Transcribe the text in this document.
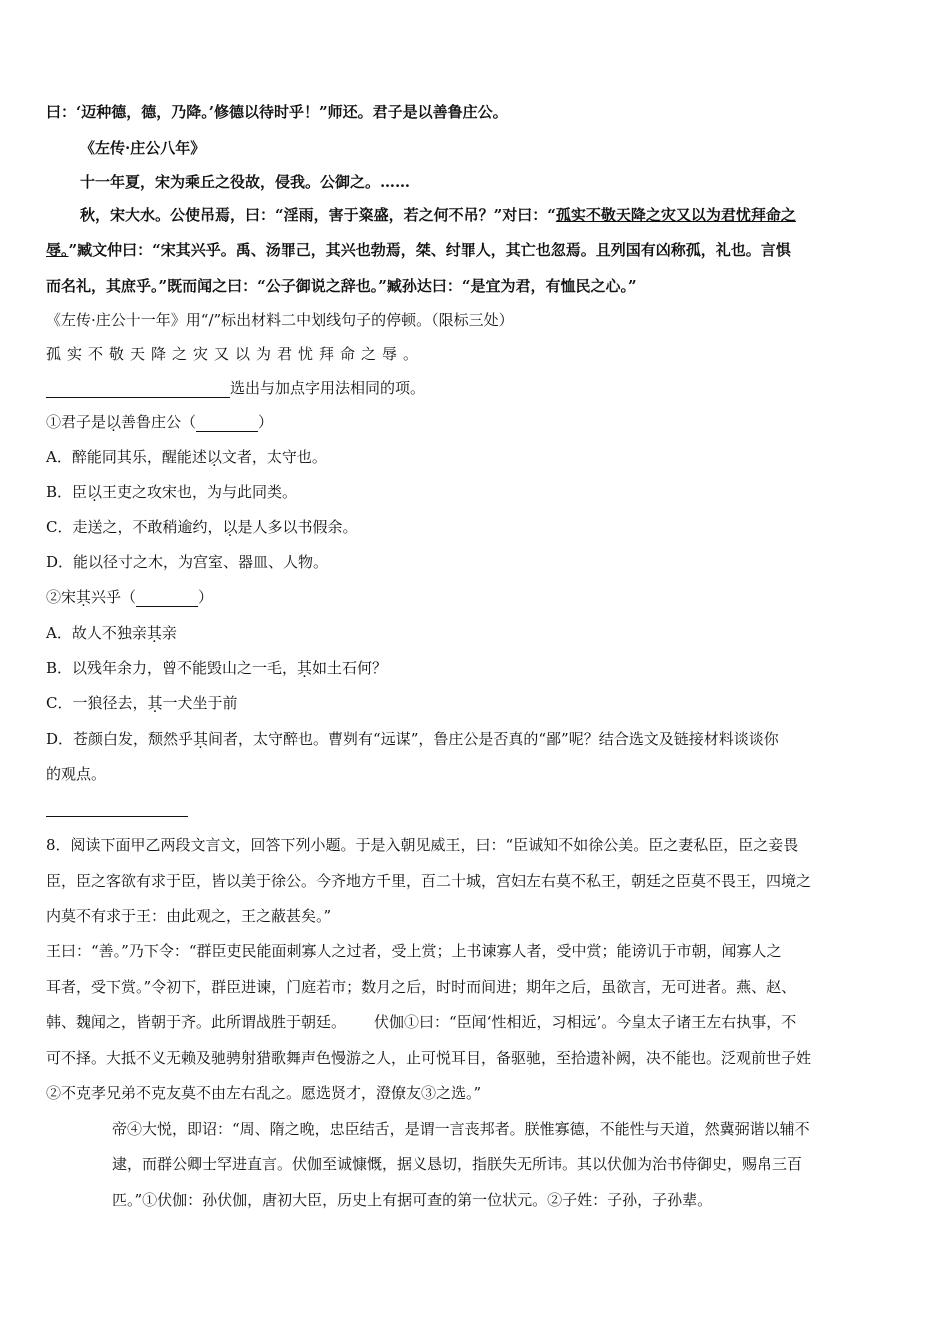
曰：‘迈种德，德，乃降。’修德以待时乎！”师还。君子是以善鲁庄公。
《左传·庄公八年》
十一年夏，宋为乘丘之役故，侵我。公御之。……
秋，宋大水。公使吊焉，曰：“淫雨，害于粢盛，若之何不吊？”对曰：“孤实不敬天降之灾又以为君忧拜命之
辱。”臧文仲曰：“宋其兴乎。禹、汤罪己，其兴也勃焉，桀、纣罪人，其亡也忽焉。且列国有凶称孤，礼也。言惧
而名礼，其庶乎。”既而闻之曰：“公子御说之辞也。”臧孙达曰：“是宜为君，有恤民之心。”
《左传·庄公十一年》用“/”标出材料二中划线句子的停顿。（限标三处）
孤实不敬天降之灾又以为君忧拜命之辱。
选出与加点字用法相同的项。
①君子是以善鲁庄公（	）
A．醉能同其乐，醒能述以文者，太守也。
B．臣以王吏之攻宋也，为与此同类。
C．走送之，不敢稍逾约，以是人多以书假余。
D．能以径寸之木，为宫室、器皿、人物。
②宋其兴乎（	）
A．故人不独亲其亲
B．以残年余力，曾不能毁山之一毛，其如土石何？
C．一狼径去，其一犬坐于前
D．苍颜白发，颓然乎其间者，太守醉也。曹刿有“远谋”，鲁庄公是否真的“鄙”呢？结合选文及链接材料谈谈你
的观点。
8．阅读下面甲乙两段文言文，回答下列小题。于是入朝见威王，曰：“臣诚知不如徐公美。臣之妻私臣，臣之妾畏
臣，臣之客欲有求于臣，皆以美于徐公。今齐地方千里，百二十城，宫妇左右莫不私王，朝廷之臣莫不畏王，四境之
内莫不有求于王：由此观之，王之蔽甚矣。”
王曰：“善。”乃下令：“群臣吏民能面刺寡人之过者，受上赏；上书谏寡人者，受中赏；能谤讥于市朝，闻寡人之
耳者，受下赏。”令初下，群臣进谏，门庭若市；数月之后，时时而间进；期年之后，虽欲言，无可进者。燕、赵、
韩、魏闻之，皆朝于齐。此所谓战胜于朝廷。 伏伽①曰：“臣闻‘性相近，习相远’。今皇太子诸王左右执事，不
可不择。大抵不义无赖及驰骋射猎歌舞声色慢游之人，止可悦耳目，备驱驰，至拾遗补阙，决不能也。泛观前世子姓
②不克孝兄弟不克友莫不由左右乱之。愿选贤才，澄僚友③之选。”
帝④大悦，即诏：“周、隋之晚，忠臣结舌，是谓一言丧邦者。朕惟寡德，不能性与天道，然冀弼谐以辅不
逮，而群公卿士罕进直言。伏伽至诚慷慨，据义恳切，指朕失无所讳。其以伏伽为治书侍御史，赐帛三百
匹。”①伏伽：孙伏伽，唐初大臣，历史上有据可查的第一位状元。②子姓：子孙，子孙辈。
